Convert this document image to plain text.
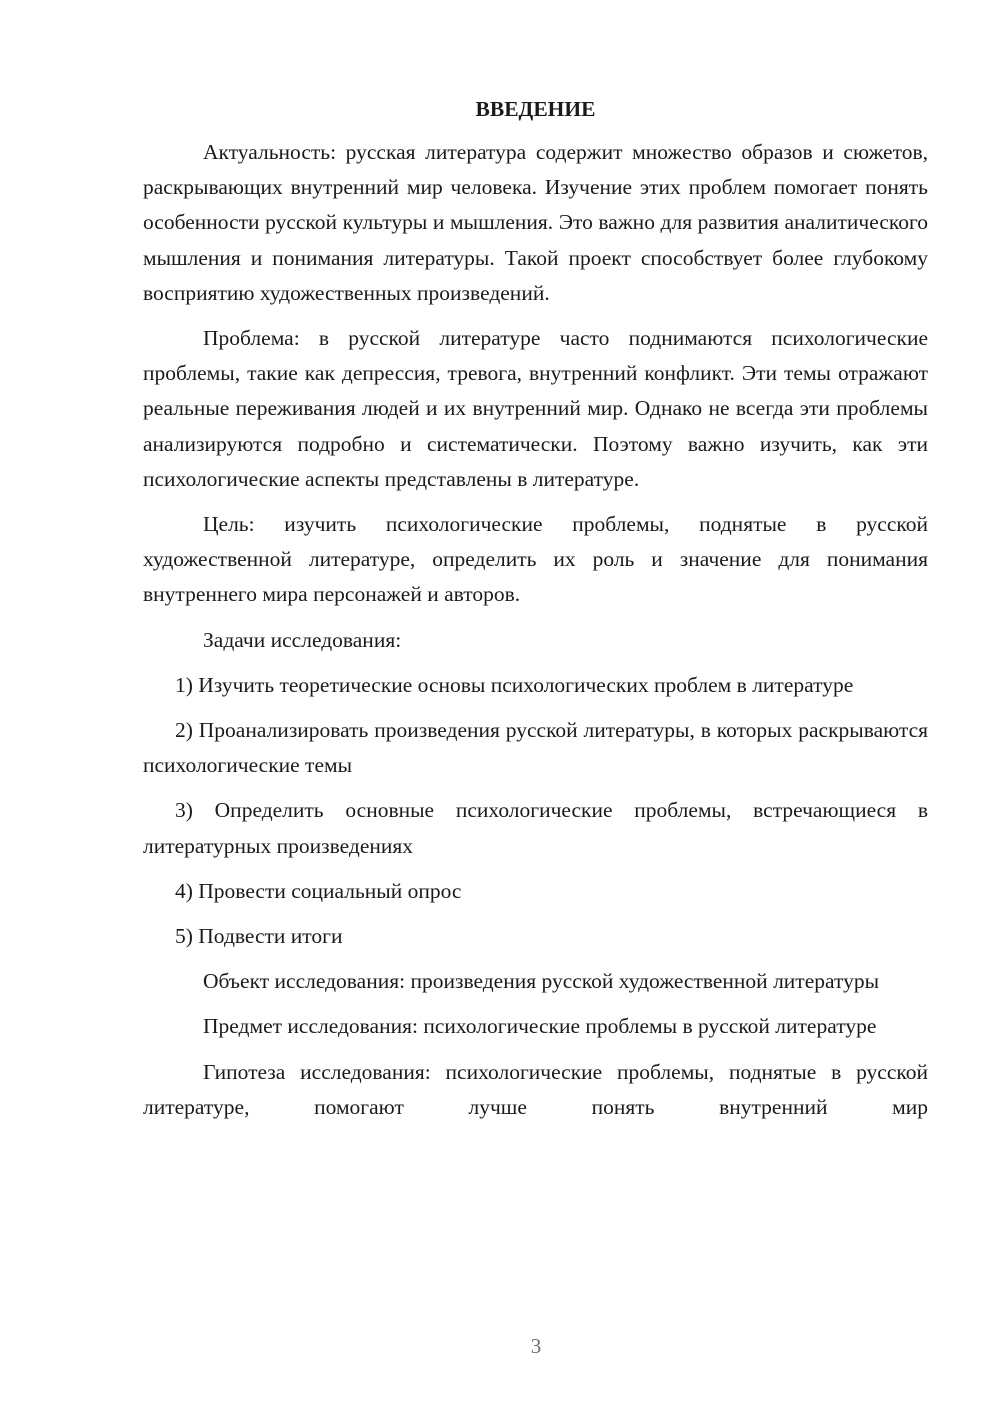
ВВЕДЕНИЕ
Актуальность: русская литература содержит множество образов и сюжетов, раскрывающих внутренний мир человека. Изучение этих проблем помогает понять особенности русской культуры и мышления. Это важно для развития аналитического мышления и понимания литературы. Такой проект способствует более глубокому восприятию художественных произведений.
Проблема: в русской литературе часто поднимаются психологические проблемы, такие как депрессия, тревога, внутренний конфликт. Эти темы отражают реальные переживания людей и их внутренний мир. Однако не всегда эти проблемы анализируются подробно и систематически. Поэтому важно изучить, как эти психологические аспекты представлены в литературе.
Цель: изучить психологические проблемы, поднятые в русской художественной литературе, определить их роль и значение для понимания внутреннего мира персонажей и авторов.
Задачи исследования:
1) Изучить теоретические основы психологических проблем в литературе
2) Проанализировать произведения русской литературы, в которых раскрываются психологические темы
3) Определить основные психологические проблемы, встречающиеся в литературных произведениях
4) Провести социальный опрос
5) Подвести итоги
Объект исследования: произведения русской художественной литературы
Предмет исследования: психологические проблемы в русской литературе
Гипотеза исследования: психологические проблемы, поднятые в русской литературе, помогают лучше понять внутренний мир
3
